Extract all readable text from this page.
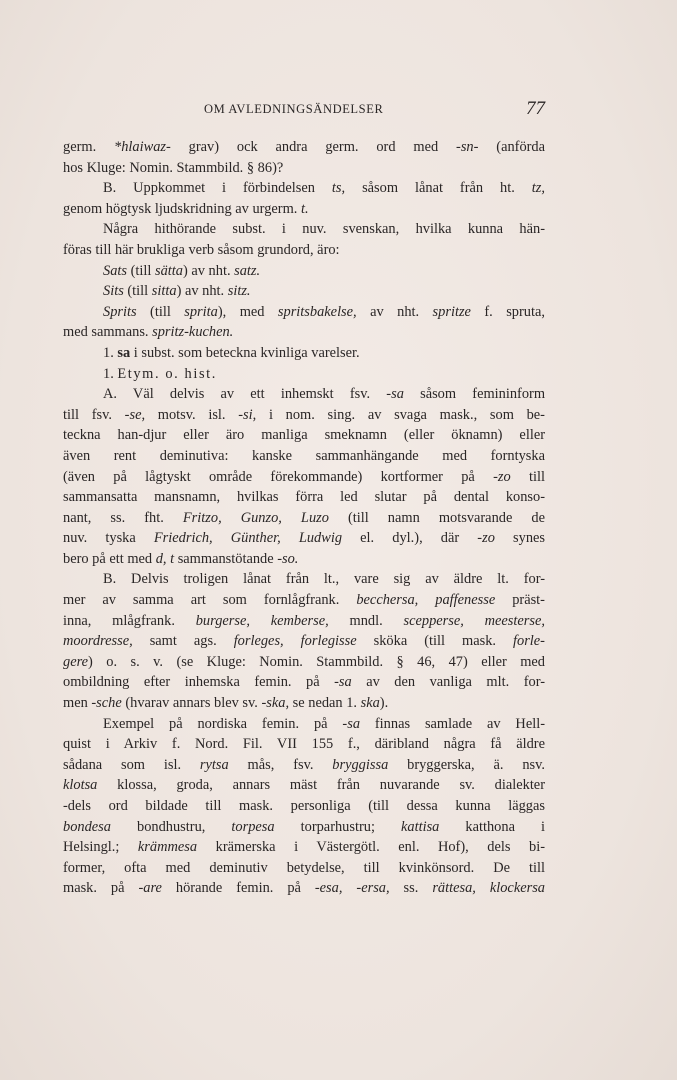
OM AVLEDNINGSÄNDELSER	77
germ. *hlaiwaz- grav) ock andra germ. ord med -sn- (anförda
hos Kluge: Nomin. Stammbild. § 86)?
B. Uppkommet i förbindelsen ts, såsom lånat från ht. tz,
genom högtysk ljudskridning av urgerm. t.
Några hithörande subst. i nuv. svenskan, hvilka kunna hän-
föras till här brukliga verb såsom grundord, äro:
Sats (till sätta) av nht. satz.
Sits (till sitta) av nht. sitz.
Sprits (till sprita), med spritsbakelse, av nht. spritze f. spruta,
med sammans. spritz-kuchen.
1. sa i subst. som beteckna kvinliga varelser.
1. Etym. o. hist.
A. Väl delvis av ett inhemskt fsv. -sa såsom femininform
till fsv. -se, motsv. isl. -si, i nom. sing. av svaga mask., som be-
teckna han-djur eller äro manliga smeknamn (eller öknamn) eller
även rent deminutiva: kanske sammanhängande med forntyska
(även på lågtyskt område förekommande) kortformer på -zo till
sammansatta mansnamn, hvilkas förra led slutar på dental konso-
nant, ss. fht. Fritzo, Gunzo, Luzo (till namn motsvarande de
nuv. tyska Friedrich, Günther, Ludwig el. dyl.), där -zo synes
bero på ett med d, t sammanstötande -so.
B. Delvis troligen lånat från lt., vare sig av äldre lt. for-
mer av samma art som fornlågfrank. becchersa, paffenesse präst-
inna, mlågfrank. burgerse, kemberse, mndl. scepperse, meesterse,
moordresse, samt ags. forleges, forlegisse sköka (till mask. forle-
gere) o. s. v. (se Kluge: Nomin. Stammbild. § 46, 47) eller med
ombildning efter inhemska femin. på -sa av den vanliga mlt. for-
men -sche (hvarav annars blev sv. -ska, se nedan 1. ska).
Exempel på nordiska femin. på -sa finnas samlade av Hell-
quist i Arkiv f. Nord. Fil. VII 155 f., däribland några få äldre
sådana som isl. rytsa mås, fsv. bryggissa bryggerska, ä. nsv.
klotsa klossa, groda, annars mäst från nuvarande sv. dialekter
-dels ord bildade till mask. personliga (till dessa kunna läggas
bondesa bondhustru, torpesa torparhustru; kattisa katthona i
Helsingl.; krämmesa krämerska i Västergötl. enl. Hof), dels bi-
former, ofta med deminutiv betydelse, till kvinkönsord. De till
mask. på -are hörande femin. på -esa, -ersa, ss. rättesa, klockersa
